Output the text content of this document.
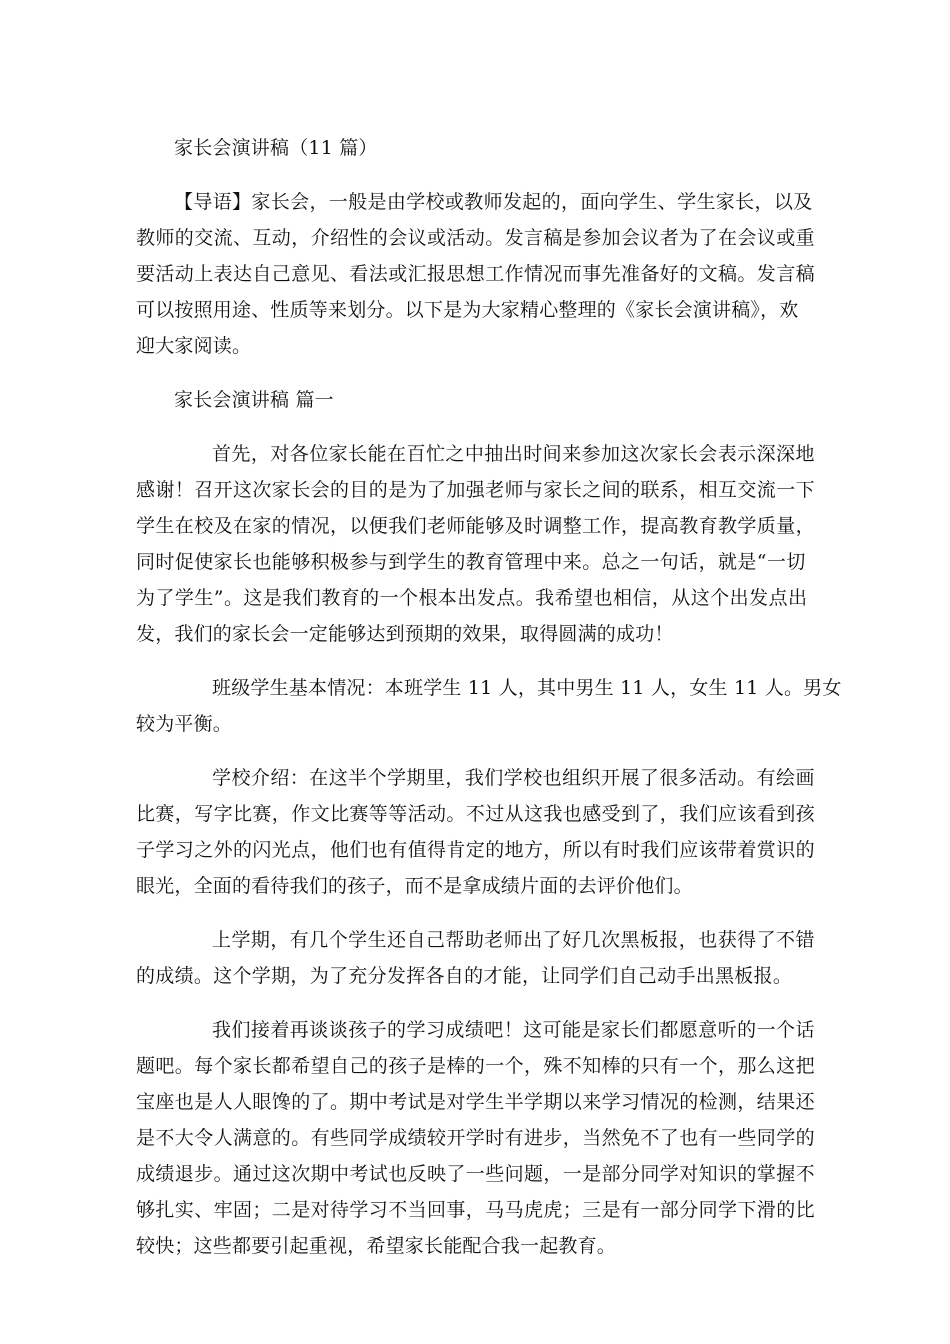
家长会演讲稿（11 篇）
【导语】家长会，一般是由学校或教师发起的，面向学生、学生家长，以及
教师的交流、互动，介绍性的会议或活动。发言稿是参加会议者为了在会议或重
要活动上表达自己意见、看法或汇报思想工作情况而事先准备好的文稿。发言稿
可以按照用途、性质等来划分。以下是为大家精心整理的《家长会演讲稿》，欢
迎大家阅读。
家长会演讲稿 篇一
首先，对各位家长能在百忙之中抽出时间来参加这次家长会表示深深地
感谢！召开这次家长会的目的是为了加强老师与家长之间的联系，相互交流一下
学生在校及在家的情况，以便我们老师能够及时调整工作，提高教育教学质量，
同时促使家长也能够积极参与到学生的教育管理中来。总之一句话，就是“一切
为了学生”。这是我们教育的一个根本出发点。我希望也相信，从这个出发点出
发，我们的家长会一定能够达到预期的效果，取得圆满的成功！
班级学生基本情况：本班学生 11 人，其中男生 11 人，女生 11 人。男女
较为平衡。
学校介绍：在这半个学期里，我们学校也组织开展了很多活动。有绘画
比赛，写字比赛，作文比赛等等活动。不过从这我也感受到了，我们应该看到孩
子学习之外的闪光点，他们也有值得肯定的地方，所以有时我们应该带着赏识的
眼光，全面的看待我们的孩子，而不是拿成绩片面的去评价他们。
上学期，有几个学生还自己帮助老师出了好几次黑板报，也获得了不错
的成绩。这个学期，为了充分发挥各自的才能，让同学们自己动手出黑板报。
我们接着再谈谈孩子的学习成绩吧！这可能是家长们都愿意听的一个话
题吧。每个家长都希望自己的孩子是棒的一个，殊不知棒的只有一个，那么这把
宝座也是人人眼馋的了。期中考试是对学生半学期以来学习情况的检测，结果还
是不大令人满意的。有些同学成绩较开学时有进步，当然免不了也有一些同学的
成绩退步。通过这次期中考试也反映了一些问题，一是部分同学对知识的掌握不
够扎实、牢固；二是对待学习不当回事，马马虎虎；三是有一部分同学下滑的比
较快；这些都要引起重视，希望家长能配合我一起教育。
